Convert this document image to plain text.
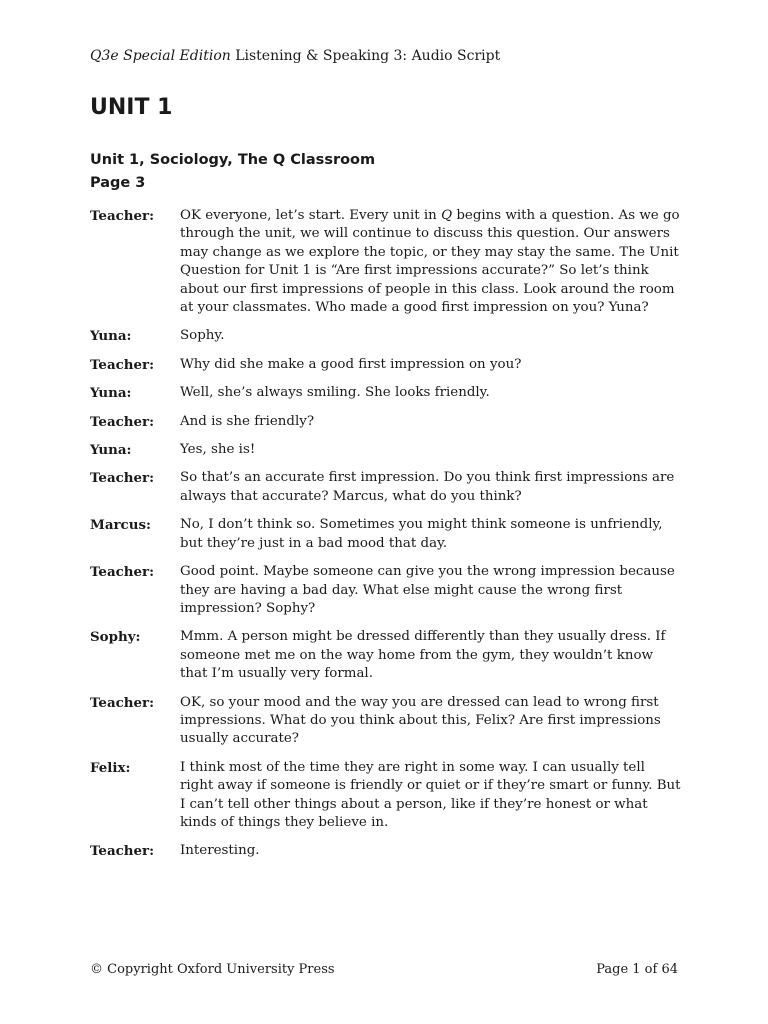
Q3e Special Edition Listening & Speaking 3: Audio Script
UNIT 1
Unit 1, Sociology, The Q Classroom
Page 3
Teacher:	OK everyone, let’s start. Every unit in Q begins with a question. As we go through the unit, we will continue to discuss this question. Our answers may change as we explore the topic, or they may stay the same. The Unit Question for Unit 1 is “Are first impressions accurate?” So let’s think about our first impressions of people in this class. Look around the room at your classmates. Who made a good first impression on you? Yuna?
Yuna:	Sophy.
Teacher:	Why did she make a good first impression on you?
Yuna:	Well, she’s always smiling. She looks friendly.
Teacher:	And is she friendly?
Yuna:	Yes, she is!
Teacher:	So that’s an accurate first impression. Do you think first impressions are always that accurate? Marcus, what do you think?
Marcus:	No, I don’t think so. Sometimes you might think someone is unfriendly, but they’re just in a bad mood that day.
Teacher:	Good point. Maybe someone can give you the wrong impression because they are having a bad day. What else might cause the wrong first impression? Sophy?
Sophy:	Mmm. A person might be dressed differently than they usually dress. If someone met me on the way home from the gym, they wouldn’t know that I’m usually very formal.
Teacher:	OK, so your mood and the way you are dressed can lead to wrong first impressions. What do you think about this, Felix? Are first impressions usually accurate?
Felix:	I think most of the time they are right in some way. I can usually tell right away if someone is friendly or quiet or if they’re smart or funny. But I can’t tell other things about a person, like if they’re honest or what kinds of things they believe in.
Teacher:	Interesting.
© Copyright Oxford University Press	Page 1 of 64
